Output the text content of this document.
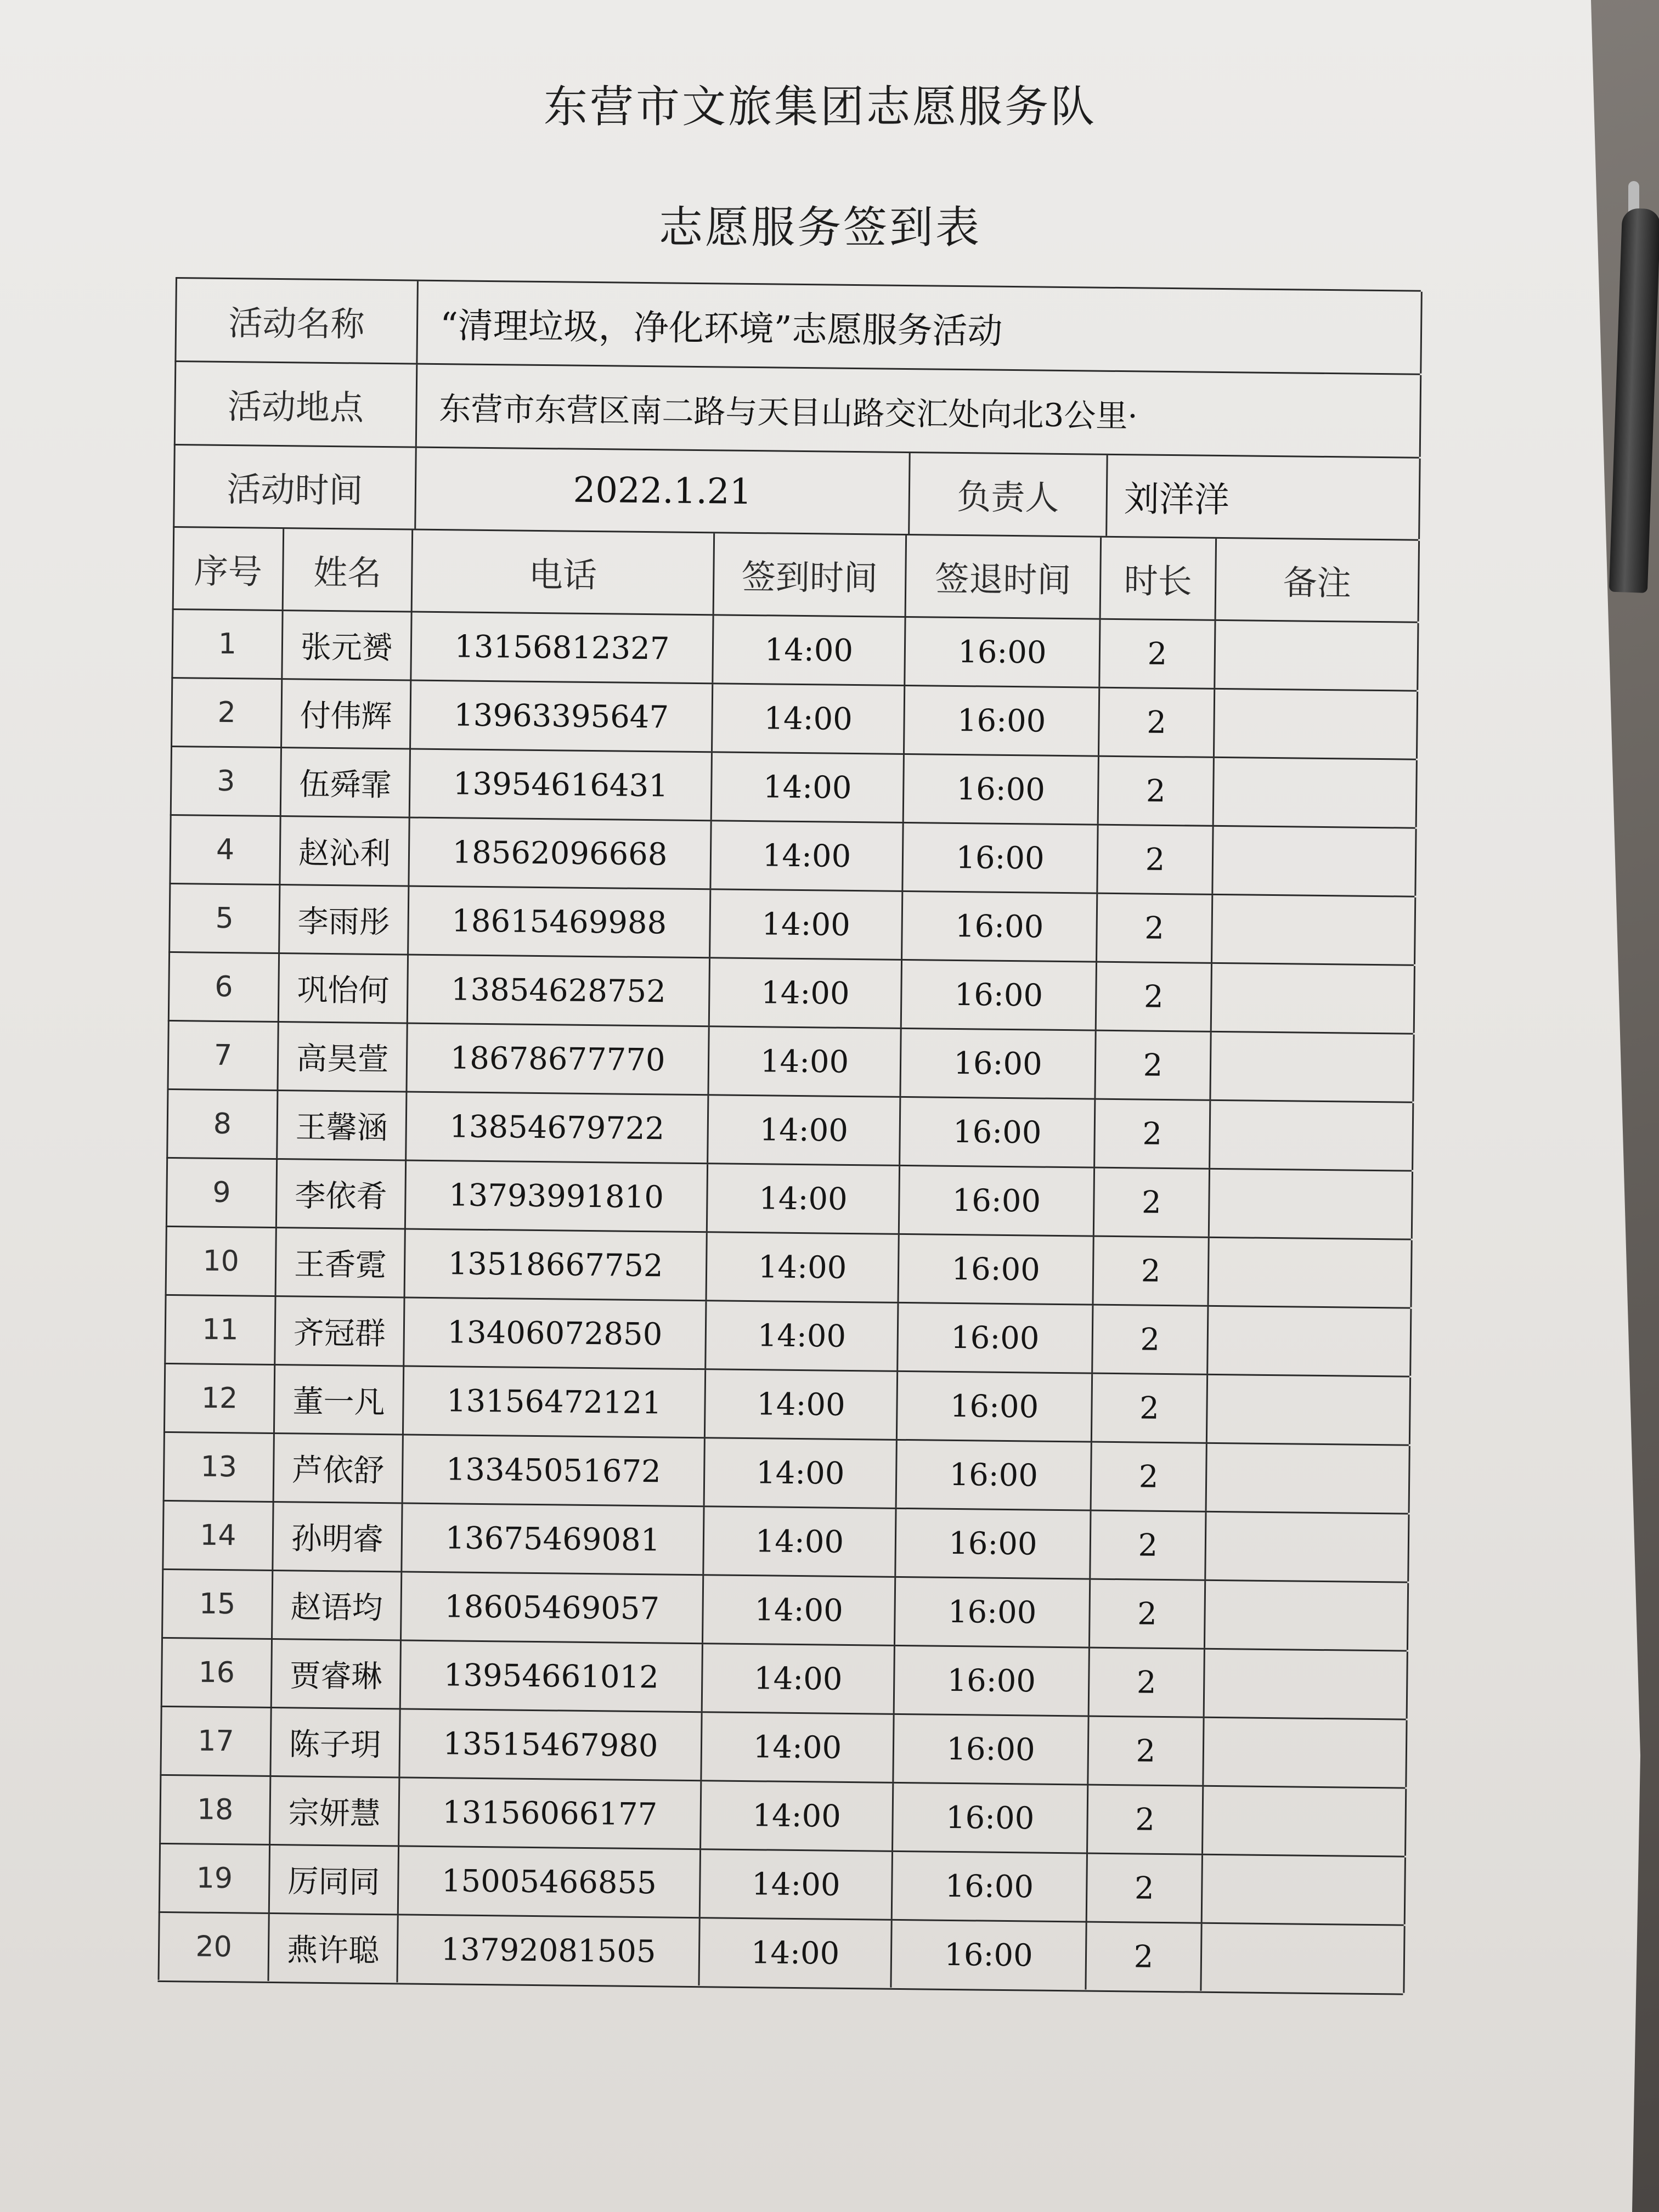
东营市文旅集团志愿服务队
志愿服务签到表
活动名称	“清理垃圾，净化环境”志愿服务活动
活动地点	东营市东营区南二路与天目山路交汇处向北3公里·
活动时间	2022.1.21	负责人	刘洋洋
序号	姓名	电话	签到时间	签退时间	时长	备注
1	张元赟	13156812327	14:00	16:00	2
2	付伟辉	13963395647	14:00	16:00	2
3	伍舜霏	13954616431	14:00	16:00	2
4	赵沁利	18562096668	14:00	16:00	2
5	李雨彤	18615469988	14:00	16:00	2
6	巩怡何	13854628752	14:00	16:00	2
7	高昊萱	18678677770	14:00	16:00	2
8	王馨涵	13854679722	14:00	16:00	2
9	李依肴	13793991810	14:00	16:00	2
10	王香霓	13518667752	14:00	16:00	2
11	齐冠群	13406072850	14:00	16:00	2
12	董一凡	13156472121	14:00	16:00	2
13	芦依舒	13345051672	14:00	16:00	2
14	孙明睿	13675469081	14:00	16:00	2
15	赵语均	18605469057	14:00	16:00	2
16	贾睿琳	13954661012	14:00	16:00	2
17	陈子玥	13515467980	14:00	16:00	2
18	宗妍慧	13156066177	14:00	16:00	2
19	厉同同	15005466855	14:00	16:00	2
20	燕许聪	13792081505	14:00	16:00	2
